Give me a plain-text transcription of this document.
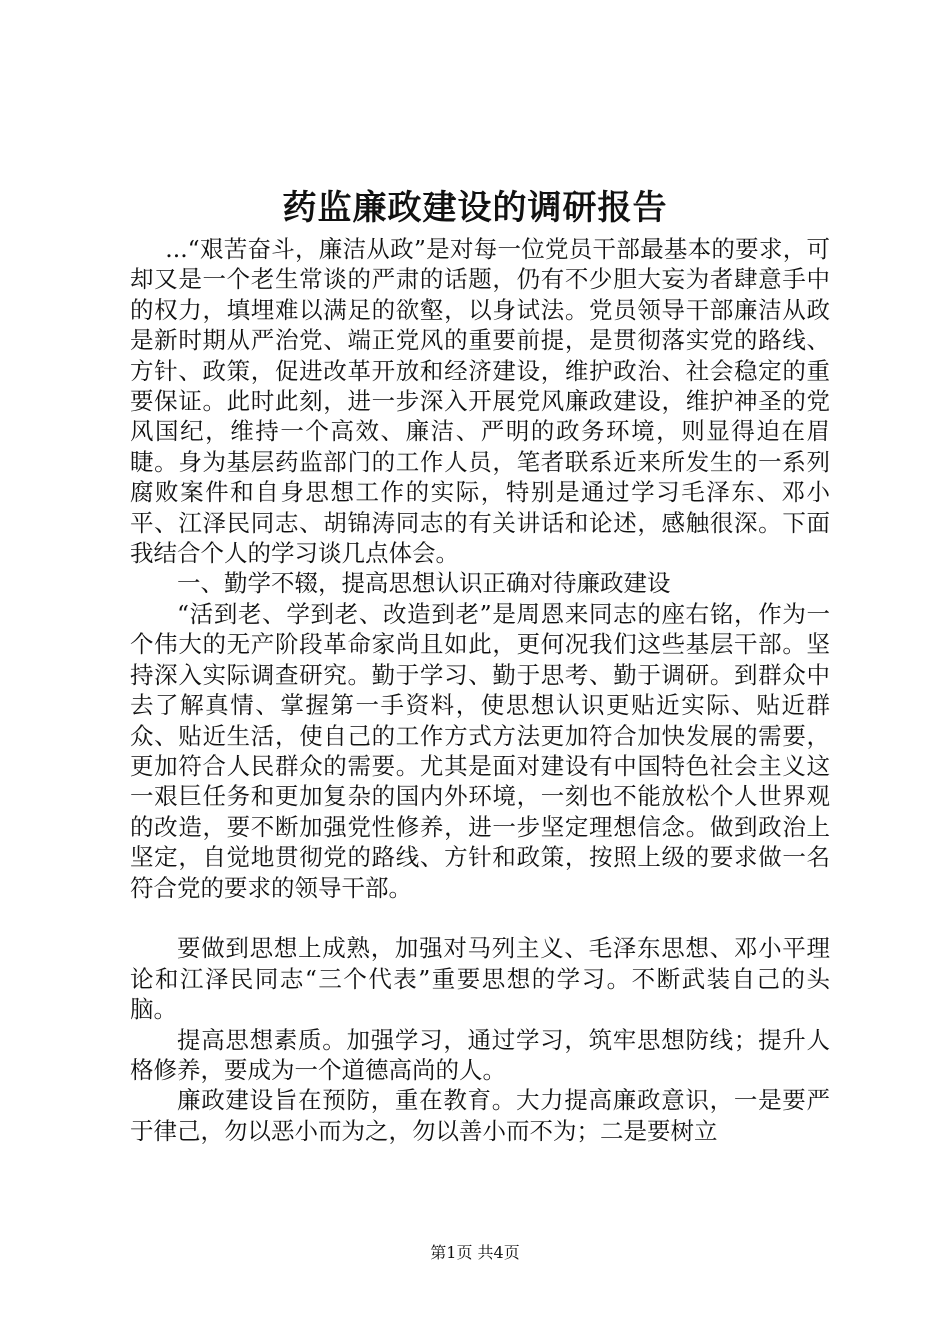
药监廉政建设的调研报告

...“艰苦奋斗，廉洁从政”是对每一位党员干部最基本的要求，可却又是一个老生常谈的严肃的话题，仍有不少胆大妄为者肆意手中的权力，填埋难以满足的欲壑，以身试法。党员领导干部廉洁从政是新时期从严治党、端正党风的重要前提，是贯彻落实党的路线、方针、政策，促进改革开放和经济建设，维护政治、社会稳定的重要保证。此时此刻，进一步深入开展党风廉政建设，维护神圣的党风国纪，维持一个高效、廉洁、严明的政务环境，则显得迫在眉睫。身为基层药监部门的工作人员，笔者联系近来所发生的一系列腐败案件和自身思想工作的实际，特别是通过学习毛泽东、邓小平、江泽民同志、胡锦涛同志的有关讲话和论述，感触很深。下面我结合个人的学习谈几点体会。

一、勤学不辍，提高思想认识正确对待廉政建设

“活到老、学到老、改造到老”是周恩来同志的座右铭，作为一个伟大的无产阶段革命家尚且如此，更何况我们这些基层干部。坚持深入实际调查研究。勤于学习、勤于思考、勤于调研。到群众中去了解真情、掌握第一手资料，使思想认识更贴近实际、贴近群众、贴近生活，使自己的工作方式方法更加符合加快发展的需要，更加符合人民群众的需要。尤其是面对建设有中国特色社会主义这一艰巨任务和更加复杂的国内外环境，一刻也不能放松个人世界观的改造，要不断加强党性修养，进一步坚定理想信念。做到政治上坚定，自觉地贯彻党的路线、方针和政策，按照上级的要求做一名符合党的要求的领导干部。

要做到思想上成熟，加强对马列主义、毛泽东思想、邓小平理论和江泽民同志“三个代表”重要思想的学习。不断武装自己的头脑。

提高思想素质。加强学习，通过学习，筑牢思想防线；提升人格修养，要成为一个道德高尚的人。

廉政建设旨在预防，重在教育。大力提高廉政意识，一是要严于律己，勿以恶小而为之，勿以善小而不为；二是要树立

第1页 共4页
